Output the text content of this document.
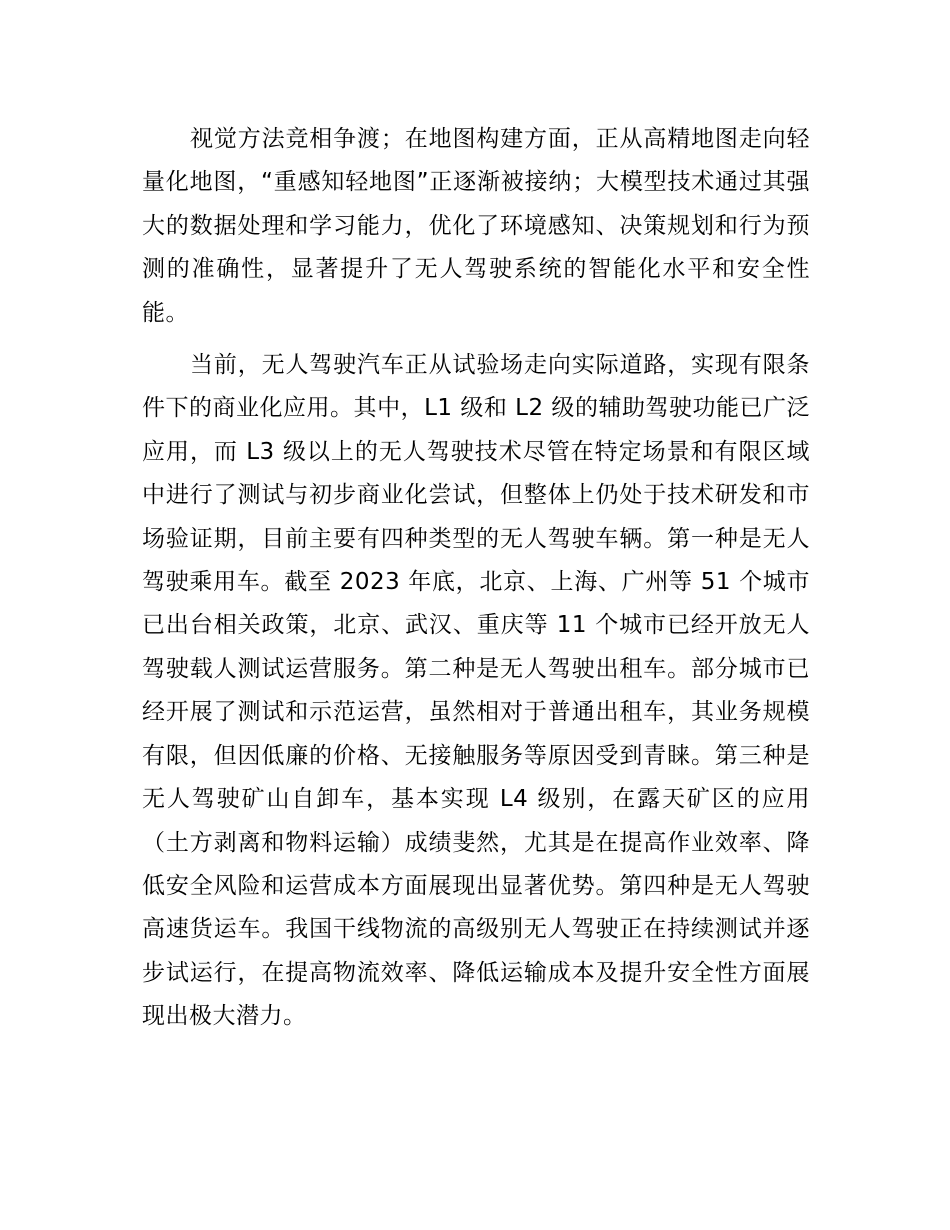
视觉方法竞相争渡；在地图构建方面，正从高精地图走向轻量化地图，“重感知轻地图”正逐渐被接纳；大模型技术通过其强大的数据处理和学习能力，优化了环境感知、决策规划和行为预测的准确性，显著提升了无人驾驶系统的智能化水平和安全性能。

当前，无人驾驶汽车正从试验场走向实际道路，实现有限条件下的商业化应用。其中，L1 级和 L2 级的辅助驾驶功能已广泛应用，而 L3 级以上的无人驾驶技术尽管在特定场景和有限区域中进行了测试与初步商业化尝试，但整体上仍处于技术研发和市场验证期，目前主要有四种类型的无人驾驶车辆。第一种是无人驾驶乘用车。截至 2023 年底，北京、上海、广州等 51 个城市已出台相关政策，北京、武汉、重庆等 11 个城市已经开放无人驾驶载人测试运营服务。第二种是无人驾驶出租车。部分城市已经开展了测试和示范运营，虽然相对于普通出租车，其业务规模有限，但因低廉的价格、无接触服务等原因受到青睐。第三种是无人驾驶矿山自卸车，基本实现 L4 级别，在露天矿区的应用（土方剥离和物料运输）成绩斐然，尤其是在提高作业效率、降低安全风险和运营成本方面展现出显著优势。第四种是无人驾驶高速货运车。我国干线物流的高级别无人驾驶正在持续测试并逐步试运行，在提高物流效率、降低运输成本及提升安全性方面展现出极大潜力。
